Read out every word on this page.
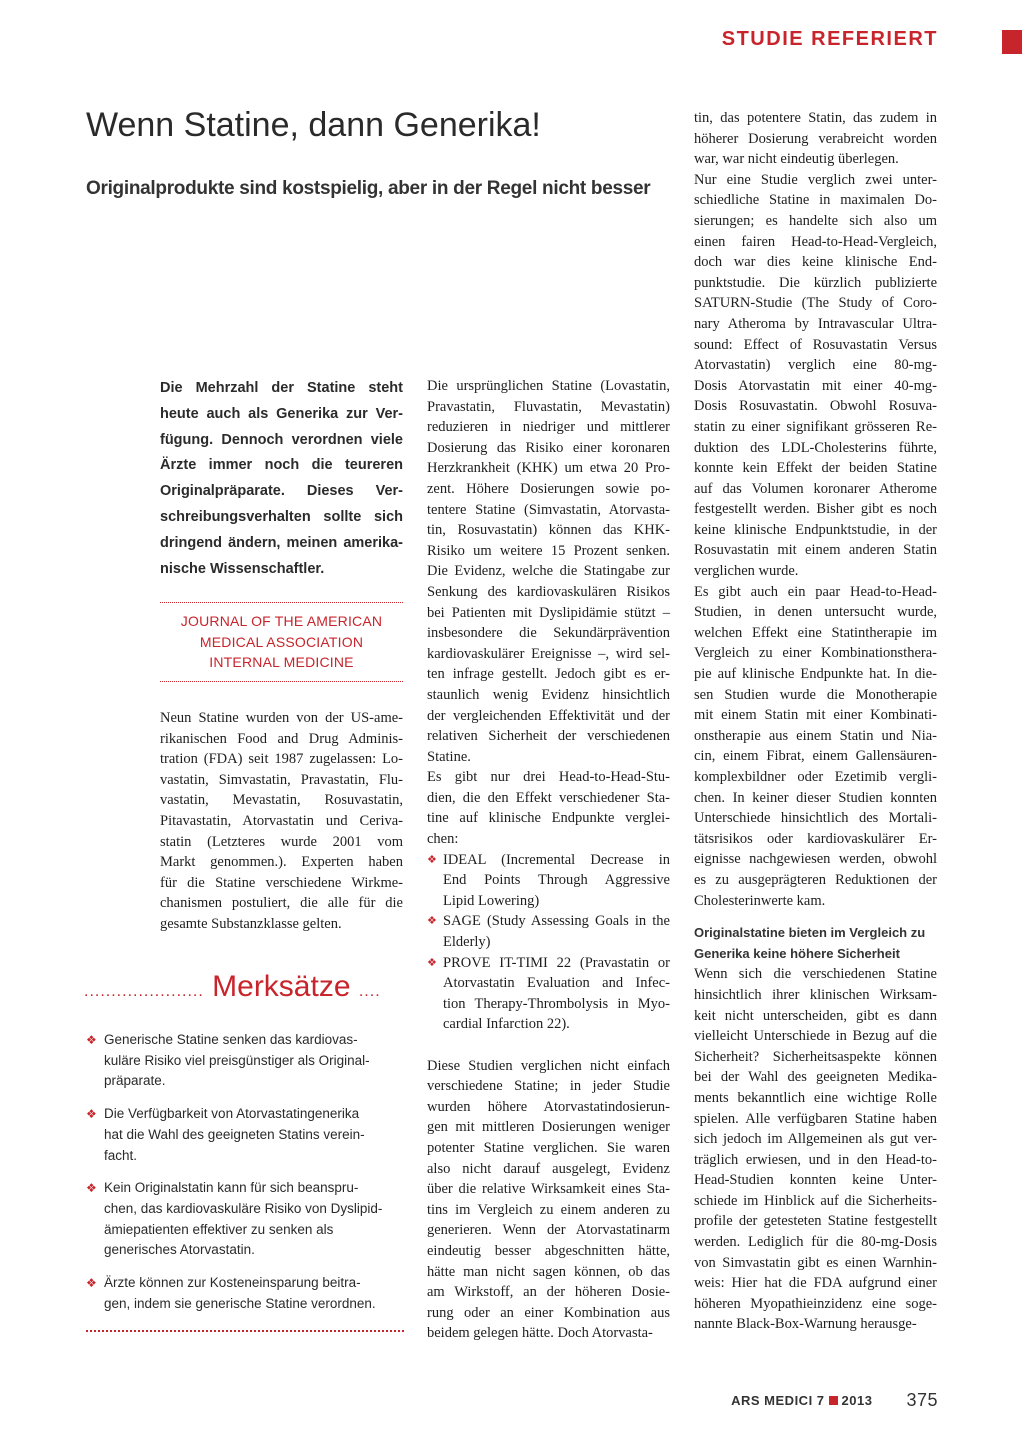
STUDIE REFERIERT
Wenn Statine, dann Generika!
Originalprodukte sind kostspielig, aber in der Regel nicht besser
Die Mehrzahl der Statine steht
heute auch als Generika zur Ver-
fügung. Dennoch verordnen viele
Ärzte immer noch die teureren
Originalpräparate. Dieses Ver-
schreibungsverhalten sollte sich
dringend ändern, meinen amerika-
nische Wissenschaftler.
JOURNAL OF THE AMERICAN
MEDICAL ASSOCIATION
INTERNAL MEDICINE

Neun Statine wurden von der US-ame-
rikanischen Food and Drug Adminis-
tration (FDA) seit 1987 zugelassen: Lo-
vastatin, Simvastatin, Pravastatin, Flu-
vastatin, Mevastatin, Rosuvastatin,
Pitavastatin, Atorvastatin und Ceriva-
statin (Letzteres wurde 2001 vom
Markt genommen.). Experten haben
für die Statine verschiedene Wirkme-
chanismen postuliert, die alle für die
gesamte Substanzklasse gelten.

Die ursprünglichen Statine (Lovastatin,
Pravastatin, Fluvastatin, Mevastatin)
reduzieren in niedriger und mittlerer
Dosierung das Risiko einer koronaren
Herzkrankheit (KHK) um etwa 20 Pro-
zent. Höhere Dosierungen sowie po-
tentere Statine (Simvastatin, Atorvasta-
tin, Rosuvastatin) können das KHK-
Risiko um weitere 15 Prozent senken.
Die Evidenz, welche die Statingabe zur
Senkung des kardiovaskulären Risikos
bei Patienten mit Dyslipidämie stützt –
insbesondere die Sekundärprävention
kardiovaskulärer Ereignisse –, wird sel-
ten infrage gestellt. Jedoch gibt es er-
staunlich wenig Evidenz hinsichtlich
der vergleichenden Effektivität und der
relativen Sicherheit der verschiedenen
Statine.

Es gibt nur drei Head-to-Head-Stu-
dien, die den Effekt verschiedener Sta-
tine auf klinische Endpunkte verglei-
chen:

❖ IDEAL (Incremental Decrease in
End Points Through Aggressive
Lipid Lowering)
❖ SAGE (Study Assessing Goals in the
Elderly)
❖ PROVE IT-TIMI 22 (Pravastatin or
Atorvastatin Evaluation and Infec-
tion Therapy-Thrombolysis in Myo-
cardial Infarction 22).

Diese Studien verglichen nicht einfach
verschiedene Statine; in jeder Studie
wurden höhere Atorvastatindosierun-
gen mit mittleren Dosierungen weniger
potenter Statine verglichen. Sie waren
also nicht darauf ausgelegt, Evidenz
über die relative Wirksamkeit eines Sta-
tins im Vergleich zu einem anderen zu
generieren. Wenn der Atorvastatinarm
eindeutig besser abgeschnitten hätte,
hätte man nicht sagen können, ob das
am Wirkstoff, an der höheren Dosie-
rung oder an einer Kombination aus
beidem gelegen hätte. Doch Atorvasta-

tin, das potentere Statin, das zudem in
höherer Dosierung verabreicht worden
war, war nicht eindeutig überlegen.

Nur eine Studie verglich zwei unter-
schiedliche Statine in maximalen Do-
sierungen; es handelte sich also um
einen fairen Head-to-Head-Vergleich,
doch war dies keine klinische End-
punktstudie. Die kürzlich publizierte
SATURN-Studie (The Study of Coro-
nary Atheroma by Intravascular Ultra-
sound: Effect of Rosuvastatin Versus
Atorvastatin) verglich eine 80-mg-
Dosis Atorvastatin mit einer 40-mg-
Dosis Rosuvastatin. Obwohl Rosuva-
statin zu einer signifikant grösseren Re-
duktion des LDL-Cholesterins führte,
konnte kein Effekt der beiden Statine
auf das Volumen koronarer Atherome
festgestellt werden. Bisher gibt es noch
keine klinische Endpunktstudie, in der
Rosuvastatin mit einem anderen Statin
verglichen wurde.

Es gibt auch ein paar Head-to-Head-
Studien, in denen untersucht wurde,
welchen Effekt eine Statintherapie im
Vergleich zu einer Kombinationsthera-
pie auf klinische Endpunkte hat. In die-
sen Studien wurde die Monotherapie
mit einem Statin mit einer Kombinati-
onstherapie aus einem Statin und Nia-
cin, einem Fibrat, einem Gallensäuren-
komplexbildner oder Ezetimib vergli-
chen. In keiner dieser Studien konnten
Unterschiede hinsichtlich des Mortali-
tätsrisikos oder kardiovaskulärer Er-
eignisse nachgewiesen werden, obwohl
es zu ausgeprägteren Reduktionen der
Cholesterinwerte kam.

Originalstatine bieten im Vergleich zu
Generika keine höhere Sicherheit

Wenn sich die verschiedenen Statine
hinsichtlich ihrer klinischen Wirksam-
keit nicht unterscheiden, gibt es dann
vielleicht Unterschiede in Bezug auf die
Sicherheit? Sicherheitsaspekte können
bei der Wahl des geeigneten Medika-
ments bekanntlich eine wichtige Rolle
spielen. Alle verfügbaren Statine haben
sich jedoch im Allgemeinen als gut ver-
träglich erwiesen, und in den Head-to-
Head-Studien konnten keine Unter-
schiede im Hinblick auf die Sicherheits-
profile der getesteten Statine festgestellt
werden. Lediglich für die 80-mg-Dosis
von Simvastatin gibt es einen Warnhin-
weis: Hier hat die FDA aufgrund einer
höheren Myopathieinzidenz eine soge-
nannte Black-Box-Warnung herausge-

...................... Merksätze ....
❖ Generische Statine senken das kardiovas-
kuläre Risiko viel preisgünstiger als Original-
präparate.
❖ Die Verfügbarkeit von Atorvastatingenerika
hat die Wahl des geeigneten Statins verein-
facht.
❖ Kein Originalstatin kann für sich beanspru-
chen, das kardiovaskuläre Risiko von Dyslipid-
ämiepatienten effektiver zu senken als
generisches Atorvastatin.
❖ Ärzte können zur Kosteneinsparung beitra-
gen, indem sie generische Statine verordnen.
ARS MEDICI 7 2013 375
